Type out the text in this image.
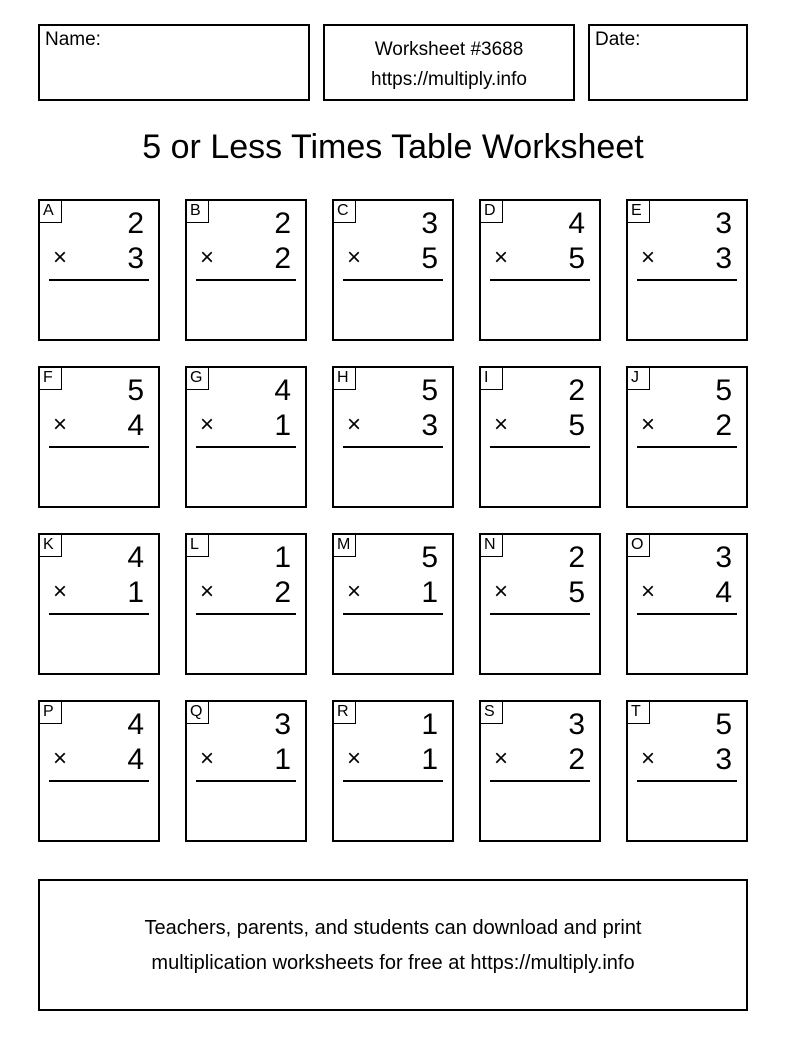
Name:	Worksheet #3688
https://multiply.info
Date:
5 or Less Times Table Worksheet
A 2
× 3
B 2
× 2
C 3
× 5
D 4
× 5
E 3
× 3
F	5
× 4
G 4
× 1
H 5
× 3
I	2
× 5
J	5
× 2
K 4
× 1
L	1
× 2
M 5
× 1
N 2
× 5
O 3
× 4
P 4
× 4
Q 3
× 1
R 1
× 1
S 3
× 2
T	5
× 3
Teachers, parents, and students can download and print
multiplication worksheets for free at https://multiply.info
